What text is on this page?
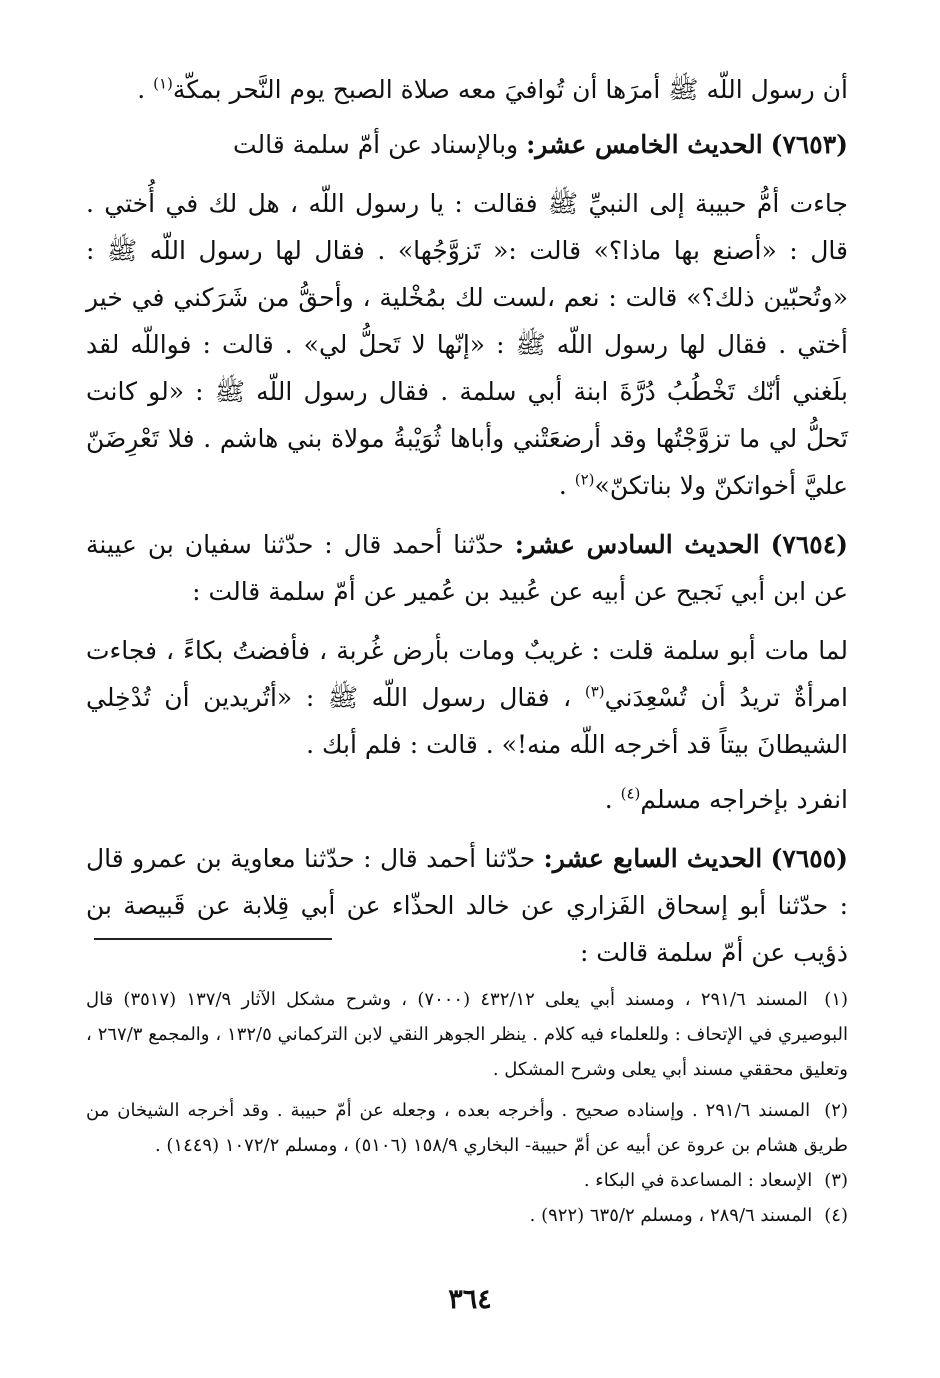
أن رسول اللّه ﷺ أمرَها أن تُوافيَ معه صلاة الصبح يوم النَّحر بمكّة$^{(١)}$ .

(٧٦٥٣) الحديث الخامس عشر: وبالإسناد عن أمّ سلمة قالت

جاءت أمُّ حبيبة إلى النبيِّ ﷺ فقالت : يا رسول اللّه ، هل لك في أُختي . قال : «أصنع بها ماذا؟» قالت :« تَزوَّجُها» . فقال لها رسول اللّه ﷺ : «وتُحبّين ذلك؟» قالت : نعم ،لست لك بمُخْلية ، وأحقُّ من شَرَكني في خير أختي . فقال لها رسول اللّه ﷺ : «إنّها لا تَحلُّ لي» . قالت : فواللّه لقد بلَغني أنّك تَخْطُبُ دُرَّةَ ابنة أبي سلمة . فقال رسول اللّه ﷺ : «لو كانت تَحلُّ لي ما تزوَّجْتُها وقد أرضعَتْني وأباها ثُوَيْبةُ مولاة بني هاشم . فلا تَعْرِضَنّ عليَّ أخواتكنّ ولا بناتكنّ»$^{(٢)}$ .

(٧٦٥٤) الحديث السادس عشر: حدّثنا أحمد قال : حدّثنا سفيان بن عيينة عن ابن أبي نَجيح عن أبيه عن عُبيد بن عُمير عن أمّ سلمة قالت :

لما مات أبو سلمة قلت : غريبٌ ومات بأرض غُربة ، فأفضتُ بكاءً ، فجاءت امرأةٌ تريدُ أن تُسْعِدَني$^{(٣)}$ ، فقال رسول اللّه ﷺ : «أتُريدين أن تُدْخِلي الشيطانَ بيتاً قد أخرجه اللّه منه!» . قالت : فلم أبك .

انفرد بإخراجه مسلم$^{(٤)}$ .

(٧٦٥٥) الحديث السابع عشر: حدّثنا أحمد قال : حدّثنا معاوية بن عمرو قال : حدّثنا أبو إسحاق الفَزاري عن خالد الحذّاء عن أبي قِلابة عن قَبيصة بن ذؤيب عن أمّ سلمة قالت :

(١) المسند ٢٩١/٦ ، ومسند أبي يعلى ٤٣٢/١٢ (٧٠٠٠) ، وشرح مشكل الآثار ١٣٧/٩ (٣٥١٧) قال البوصيري في الإتحاف : وللعلماء فيه كلام . ينظر الجوهر النقي لابن التركماني ١٣٢/٥ ، والمجمع ٢٦٧/٣ ، وتعليق محققي مسند أبي يعلى وشرح المشكل .

(٢) المسند ٢٩١/٦ . وإسناده صحيح . وأخرجه بعده ، وجعله عن أمّ حبيبة . وقد أخرجه الشيخان من طريق هشام بن عروة عن أبيه عن أمّ حبيبة- البخاري ١٥٨/٩ (٥١٠٦) ، ومسلم ١٠٧٢/٢ (١٤٤٩) .

(٣) الإسعاد : المساعدة في البكاء .

(٤) المسند ٢٨٩/٦ ، ومسلم ٦٣٥/٢ (٩٢٢) .

٣٦٤
